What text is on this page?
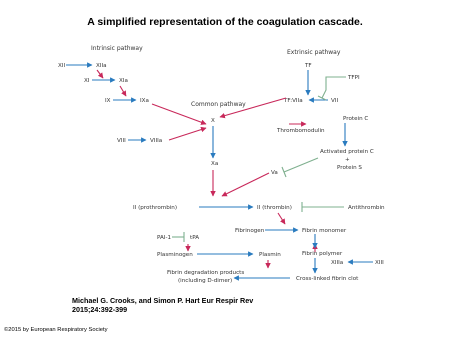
A simplified representation of the coagulation cascade.
Intrinsic pathway
Extrinsic pathway
Common pathway
XII	XIIa
XI	XIa
IX	IXa
VIII	VIIIa
X
Xa
TF
TFPI
TF:VIIa	VII
Protein C
Thrombomodulin
Activated protein C
+
Protein S
Va
II (prothrombin)	II (thrombin)	Antithrombin
Fibrinogen	Fibrin monomer
PAI-1	tPA
Plasminogen	Plasmin	Fibrin polymer
XIII
XIIIa
Fibrin degradation products
(including D-dimer)	Cross-linked fibrin clot
Michael G. Crooks, and Simon P. Hart Eur Respir Rev
2015;24:392-399
©2015 by European Respiratory Society
